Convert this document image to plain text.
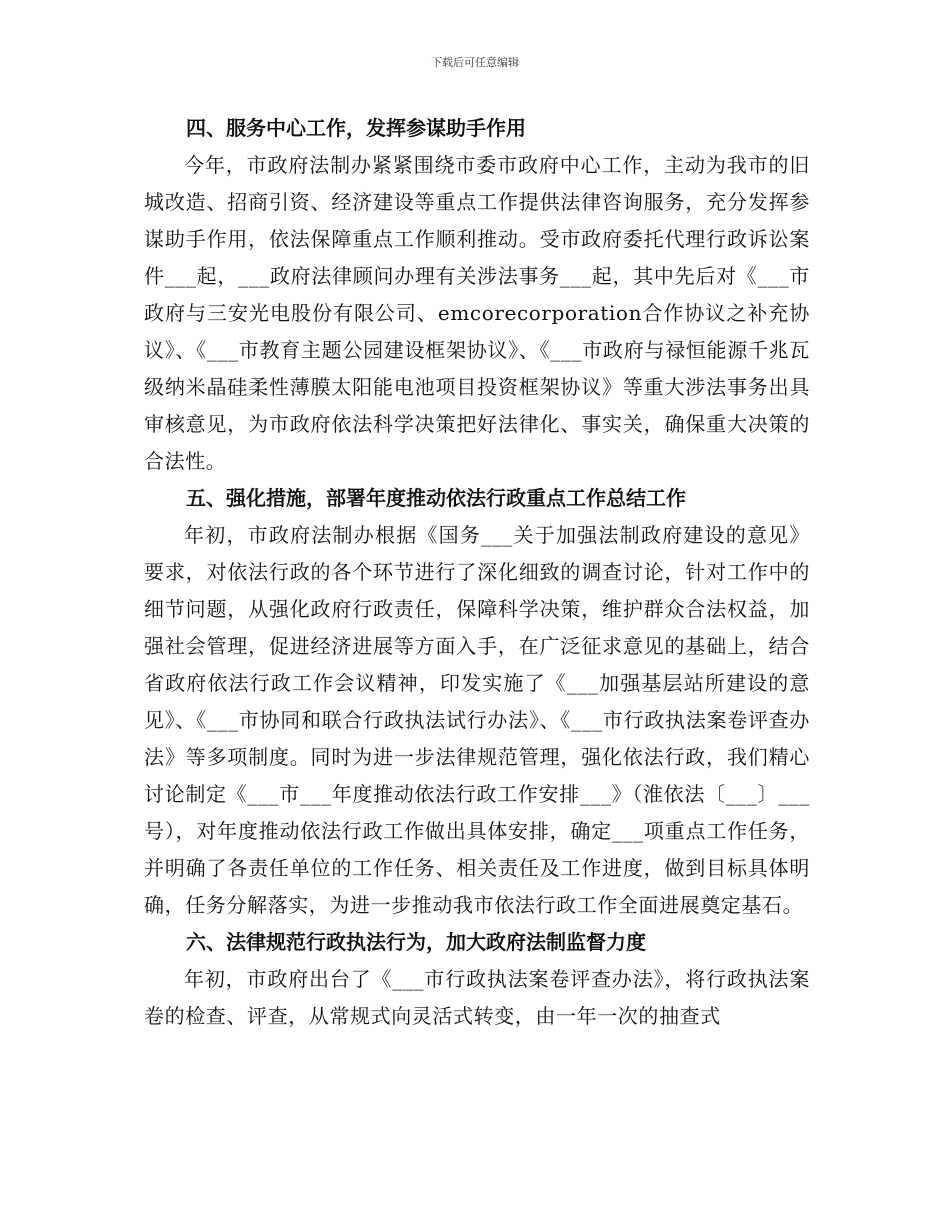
下载后可任意编辑
四、服务中心工作，发挥参谋助手作用

今年，市政府法制办紧紧围绕市委市政府中心工作，主动为我市的旧城改造、招商引资、经济建设等重点工作提供法律咨询服务，充分发挥参谋助手作用，依法保障重点工作顺利推动。受市政府委托代理行政诉讼案件___起，___政府法律顾问办理有关涉法事务___起，其中先后对《___市政府与三安光电股份有限公司、emcorecorporation合作协议之补充协议》、《___市教育主题公园建设框架协议》、《___市政府与禄恒能源千兆瓦级纳米晶硅柔性薄膜太阳能电池项目投资框架协议》等重大涉法事务出具审核意见，为市政府依法科学决策把好法律化、事实关，确保重大决策的合法性。

五、强化措施，部署年度推动依法行政重点工作总结工作

年初，市政府法制办根据《国务___关于加强法制政府建设的意见》要求，对依法行政的各个环节进行了深化细致的调查讨论，针对工作中的细节问题，从强化政府行政责任，保障科学决策，维护群众合法权益，加强社会管理，促进经济进展等方面入手，在广泛征求意见的基础上，结合省政府依法行政工作会议精神，印发实施了《___加强基层站所建设的意见》、《___市协同和联合行政执法试行办法》、《___市行政执法案卷评查办法》等多项制度。同时为进一步法律规范管理，强化依法行政，我们精心讨论制定《___市___年度推动依法行政工作安排___》（淮依法〔___〕___号），对年度推动依法行政工作做出具体安排，确定___项重点工作任务，并明确了各责任单位的工作任务、相关责任及工作进度，做到目标具体明确，任务分解落实，为进一步推动我市依法行政工作全面进展奠定基石。

六、法律规范行政执法行为，加大政府法制监督力度

年初，市政府出台了《___市行政执法案卷评查办法》，将行政执法案卷的检查、评查，从常规式向灵活式转变，由一年一次的抽查式
